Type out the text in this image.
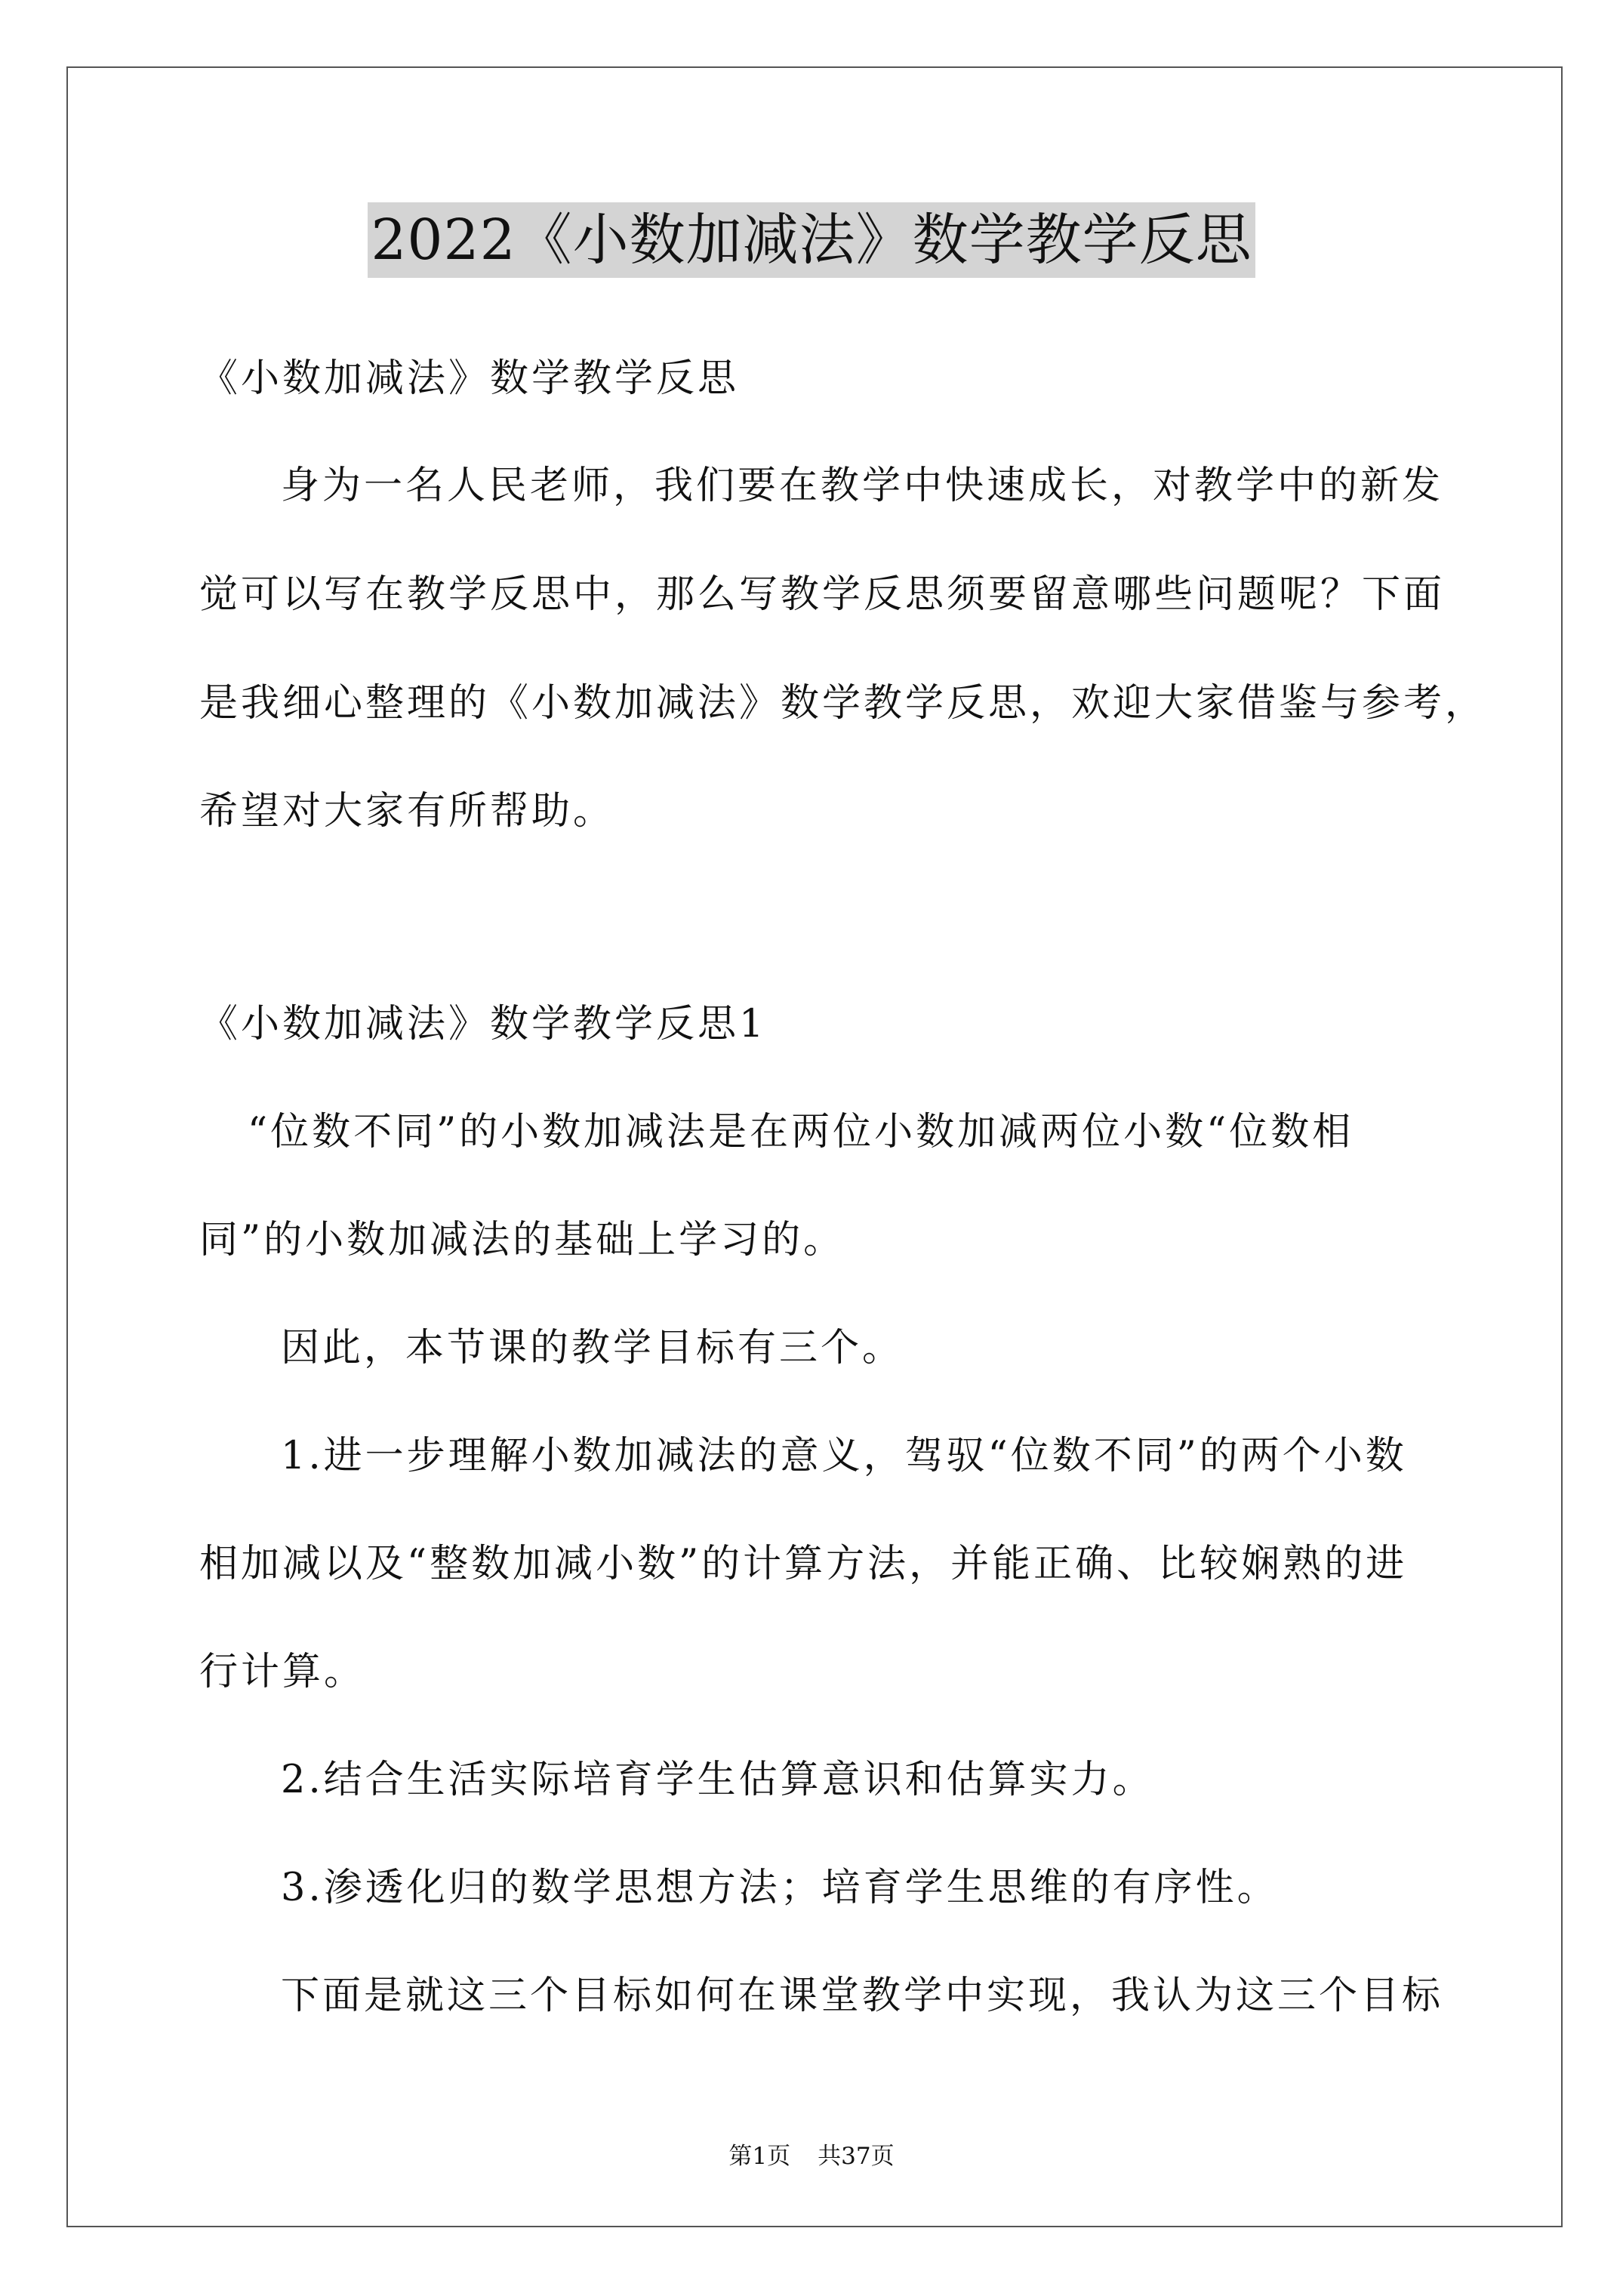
2022《小数加减法》数学教学反思
《小数加减法》数学教学反思
身为一名人民老师，我们要在教学中快速成长，对教学中的新发
觉可以写在教学反思中，那么写教学反思须要留意哪些问题呢？下面
是我细心整理的《小数加减法》数学教学反思，欢迎大家借鉴与参考，
希望对大家有所帮助。
《小数加减法》数学教学反思1
“位数不同”的小数加减法是在两位小数加减两位小数“位数相
同”的小数加减法的基础上学习的。
因此，本节课的教学目标有三个。
1.进一步理解小数加减法的意义，驾驭“位数不同”的两个小数
相加减以及“整数加减小数”的计算方法，并能正确、比较娴熟的进
行计算。
2.结合生活实际培育学生估算意识和估算实力。
3.渗透化归的数学思想方法；培育学生思维的有序性。
下面是就这三个目标如何在课堂教学中实现，我认为这三个目标
第1页 共37页
